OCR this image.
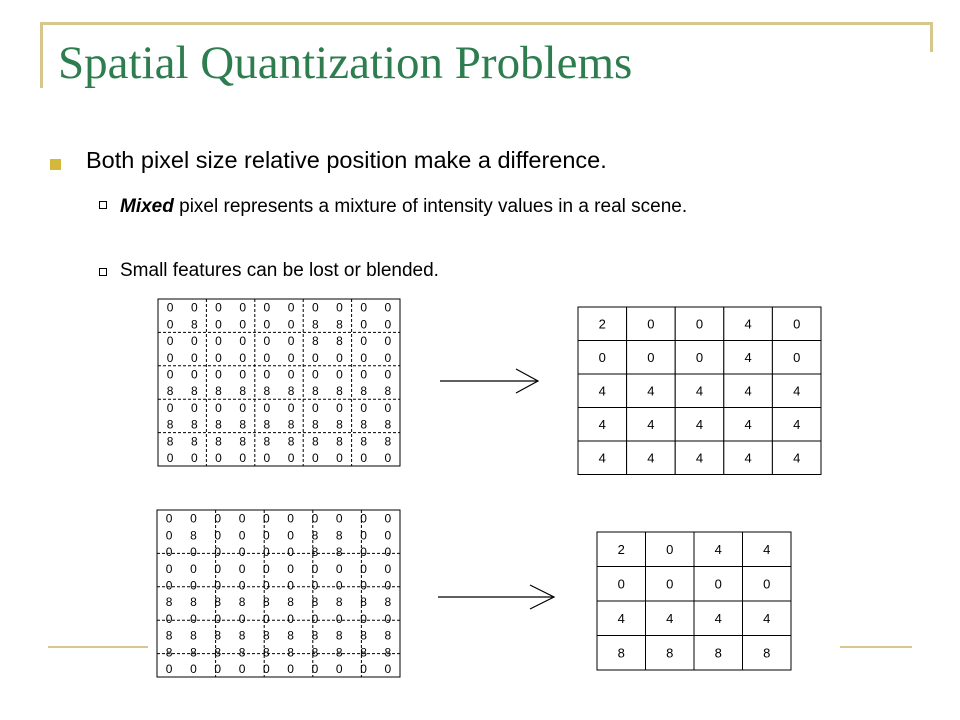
Spatial Quantization Problems
Both pixel size relative position make a difference.
Mixed pixel represents a mixture of intensity values in a real scene.
Small features can be lost or blended.
0 0 0 0 0 0 0 0 0 0
0 8 0 0 0 0 8 8 0 0
0 0 0 0 0 0 8 8 0 0
0 0 0 0 0 0 0 0 0 0
0 0 0 0 0 0 0 0 0 0
8 8 8 8 8 8 8 8 8 8
0 0 0 0 0 0 0 0 0 0
8 8 8 8 8 8 8 8 8 8
8 8 8 8 8 8 8 8 8 8
0 0 0 0 0 0 0 0 0 0
2	0	0	4	0
0	0	0	4	0
4	4	4	4	4
4	4	4	4	4
4	4	4	4	4
0 0 0 0 0 0 0 0 0 0
0 8 0 0 0 0 8 8 0 0
0 0 0 0 0 0 8 8 0 0
0 0 0 0 0 0 0 0 0 0
0 0 0 0 0 0 0 0 0 0
8 8 8 8 8 8 8 8 8 8
0 0 0 0 0 0 0 0 0 0
8 8 8 8 8 8 8 8 8 8
8 8 8 8 8 8 8 8 8 8
0 0 0 0 0 0 0 0 0 0
2	0	4	4
0	0	0	0
4	4	4	4
8	8	8	8
